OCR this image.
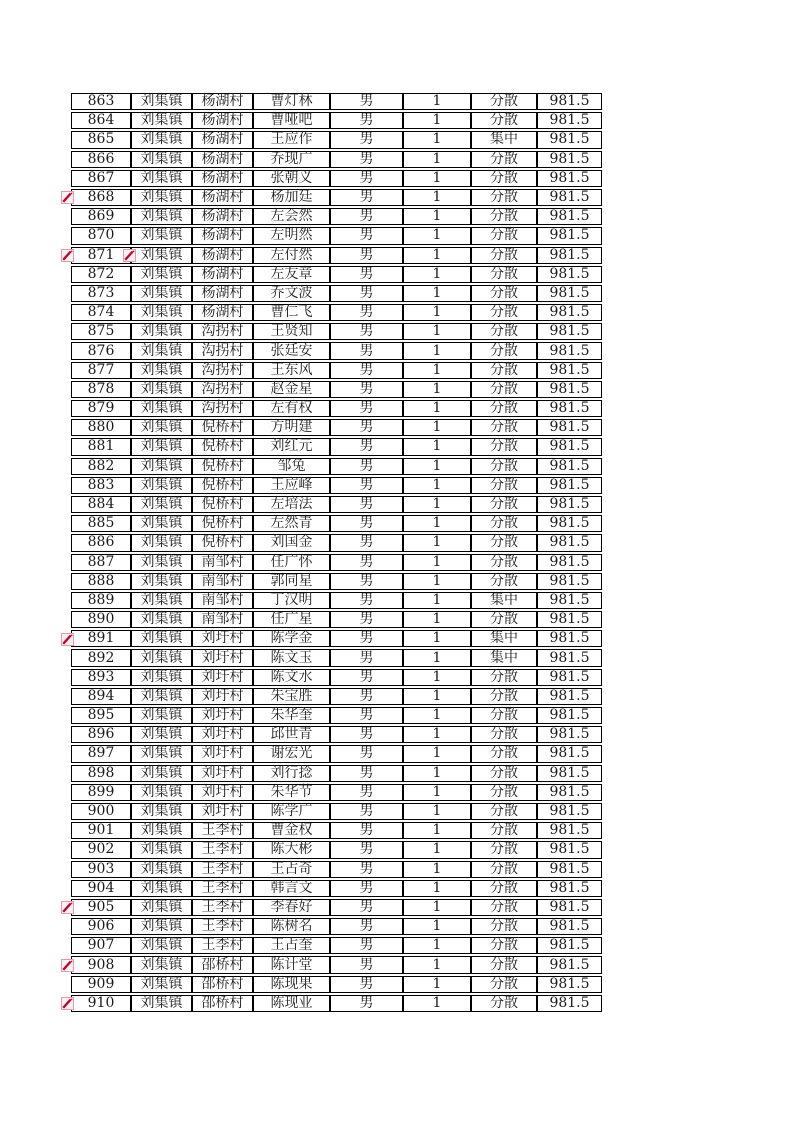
863	刘集镇	杨湖村	曹灯林	男	1	分散	981.5
864	刘集镇	杨湖村	曹哑吧	男	1	分散	981.5
865	刘集镇	杨湖村	王应作	男	1	集中	981.5
866	刘集镇	杨湖村	乔现广	男	1	分散	981.5
867	刘集镇	杨湖村	张朝义	男	1	分散	981.5
868	刘集镇	杨湖村	杨加廷	男	1	分散	981.5
869	刘集镇	杨湖村	左会然	男	1	分散	981.5
870	刘集镇	杨湖村	左明然	男	1	分散	981.5
871	刘集镇	杨湖村	左付然	男	1	分散	981.5
872	刘集镇	杨湖村	左友章	男	1	分散	981.5
873	刘集镇	杨湖村	乔文波	男	1	分散	981.5
874	刘集镇	杨湖村	曹仁飞	男	1	分散	981.5
875	刘集镇	沟拐村	王贤知	男	1	分散	981.5
876	刘集镇	沟拐村	张廷安	男	1	分散	981.5
877	刘集镇	沟拐村	王东风	男	1	分散	981.5
878	刘集镇	沟拐村	赵金星	男	1	分散	981.5
879	刘集镇	沟拐村	左有权	男	1	分散	981.5
880	刘集镇	倪桥村	方明建	男	1	分散	981.5
881	刘集镇	倪桥村	刘红元	男	1	分散	981.5
882	刘集镇	倪桥村	邹兔	男	1	分散	981.5
883	刘集镇	倪桥村	王应峰	男	1	分散	981.5
884	刘集镇	倪桥村	左培法	男	1	分散	981.5
885	刘集镇	倪桥村	左然青	男	1	分散	981.5
886	刘集镇	倪桥村	刘国金	男	1	分散	981.5
887	刘集镇	南邹村	任广怀	男	1	分散	981.5
888	刘集镇	南邹村	郭同星	男	1	分散	981.5
889	刘集镇	南邹村	丁汉明	男	1	集中	981.5
890	刘集镇	南邹村	任广星	男	1	分散	981.5
891	刘集镇	刘圩村	陈学金	男	1	集中	981.5
892	刘集镇	刘圩村	陈文玉	男	1	集中	981.5
893	刘集镇	刘圩村	陈文水	男	1	分散	981.5
894	刘集镇	刘圩村	朱宝胜	男	1	分散	981.5
895	刘集镇	刘圩村	朱华奎	男	1	分散	981.5
896	刘集镇	刘圩村	邱世青	男	1	分散	981.5
897	刘集镇	刘圩村	谢宏光	男	1	分散	981.5
898	刘集镇	刘圩村	刘行捻	男	1	分散	981.5
899	刘集镇	刘圩村	朱华节	男	1	分散	981.5
900	刘集镇	刘圩村	陈学广	男	1	分散	981.5
901	刘集镇	王李村	曹金权	男	1	分散	981.5
902	刘集镇	王李村	陈大彬	男	1	分散	981.5
903	刘集镇	王李村	王占奇	男	1	分散	981.5
904	刘集镇	王李村	韩言文	男	1	分散	981.5
905	刘集镇	王李村	李春好	男	1	分散	981.5
906	刘集镇	王李村	陈树名	男	1	分散	981.5
907	刘集镇	王李村	王占奎	男	1	分散	981.5
908	刘集镇	邵桥村	陈计堂	男	1	分散	981.5
909	刘集镇	邵桥村	陈现果	男	1	分散	981.5
910	刘集镇	邵桥村	陈现业	男	1	分散	981.5
